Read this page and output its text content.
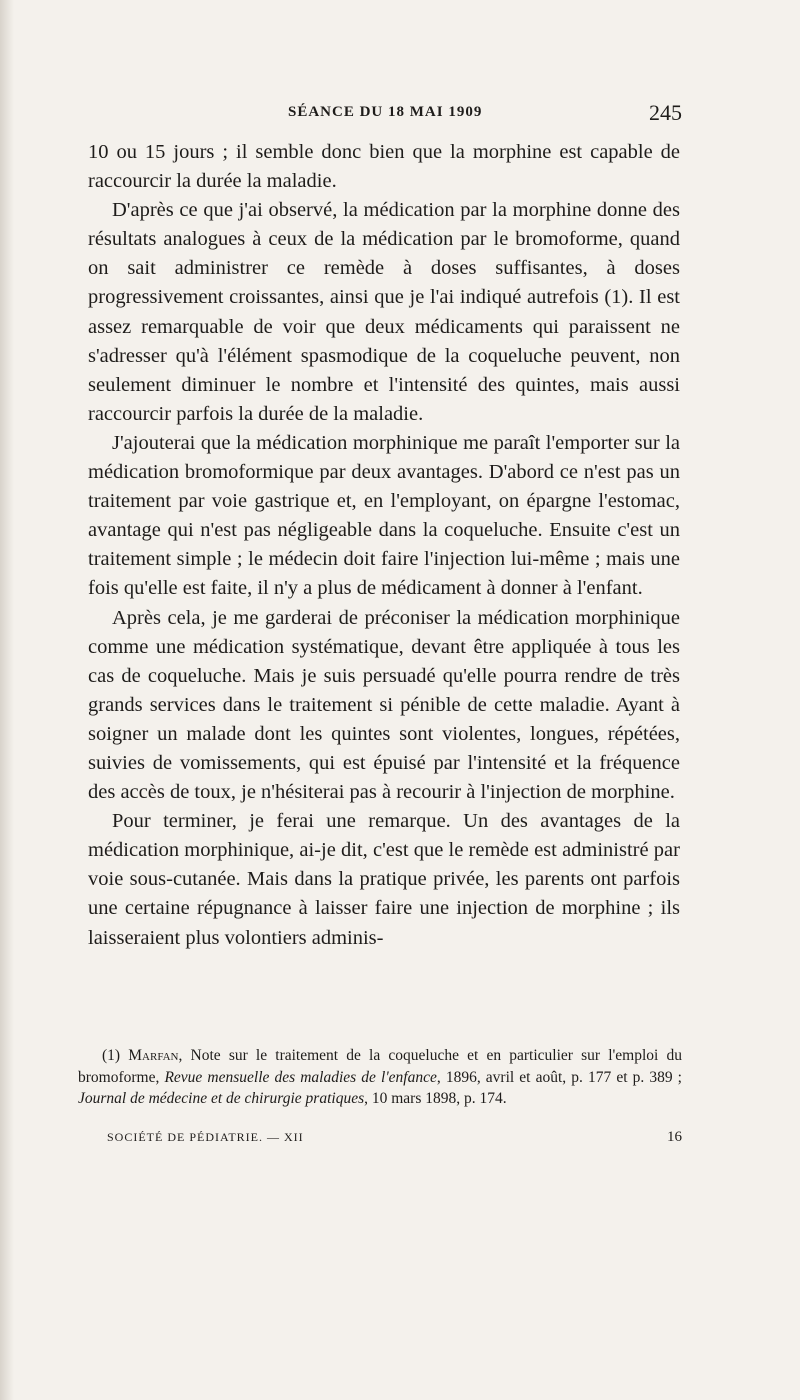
SÉANCE DU 18 MAI 1909	245

10 ou 15 jours ; il semble donc bien que la morphine est capable de raccourcir la durée la maladie.

D'après ce que j'ai observé, la médication par la morphine donne des résultats analogues à ceux de la médication par le bromoforme, quand on sait administrer ce remède à doses suffisantes, à doses progressivement croissantes, ainsi que je l'ai indiqué autrefois (1). Il est assez remarquable de voir que deux médicaments qui paraissent ne s'adresser qu'à l'élément spasmodique de la coqueluche peuvent, non seulement diminuer le nombre et l'intensité des quintes, mais aussi raccourcir parfois la durée de la maladie.

J'ajouterai que la médication morphinique me paraît l'emporter sur la médication bromoformique par deux avantages. D'abord ce n'est pas un traitement par voie gastrique et, en l'employant, on épargne l'estomac, avantage qui n'est pas négligeable dans la coqueluche. Ensuite c'est un traitement simple ; le médecin doit faire l'injection lui-même ; mais une fois qu'elle est faite, il n'y a plus de médicament à donner à l'enfant.

Après cela, je me garderai de préconiser la médication morphinique comme une médication systématique, devant être appliquée à tous les cas de coqueluche. Mais je suis persuadé qu'elle pourra rendre de très grands services dans le traitement si pénible de cette maladie. Ayant à soigner un malade dont les quintes sont violentes, longues, répétées, suivies de vomissements, qui est épuisé par l'intensité et la fréquence des accès de toux, je n'hésiterai pas à recourir à l'injection de morphine.

Pour terminer, je ferai une remarque. Un des avantages de la médication morphinique, ai-je dit, c'est que le remède est administré par voie sous-cutanée. Mais dans la pratique privée, les parents ont parfois une certaine répugnance à laisser faire une injection de morphine ; ils laisseraient plus volontiers adminis-

(1) Marfan, Note sur le traitement de la coqueluche et en particulier sur l'emploi du bromoforme, Revue mensuelle des maladies de l'enfance, 1896, avril et août, p. 177 et p. 389 ; Journal de médecine et de chirurgie pratiques, 10 mars 1898, p. 174.

SOCIÉTÉ DE PÉDIATRIE. — XII	16
